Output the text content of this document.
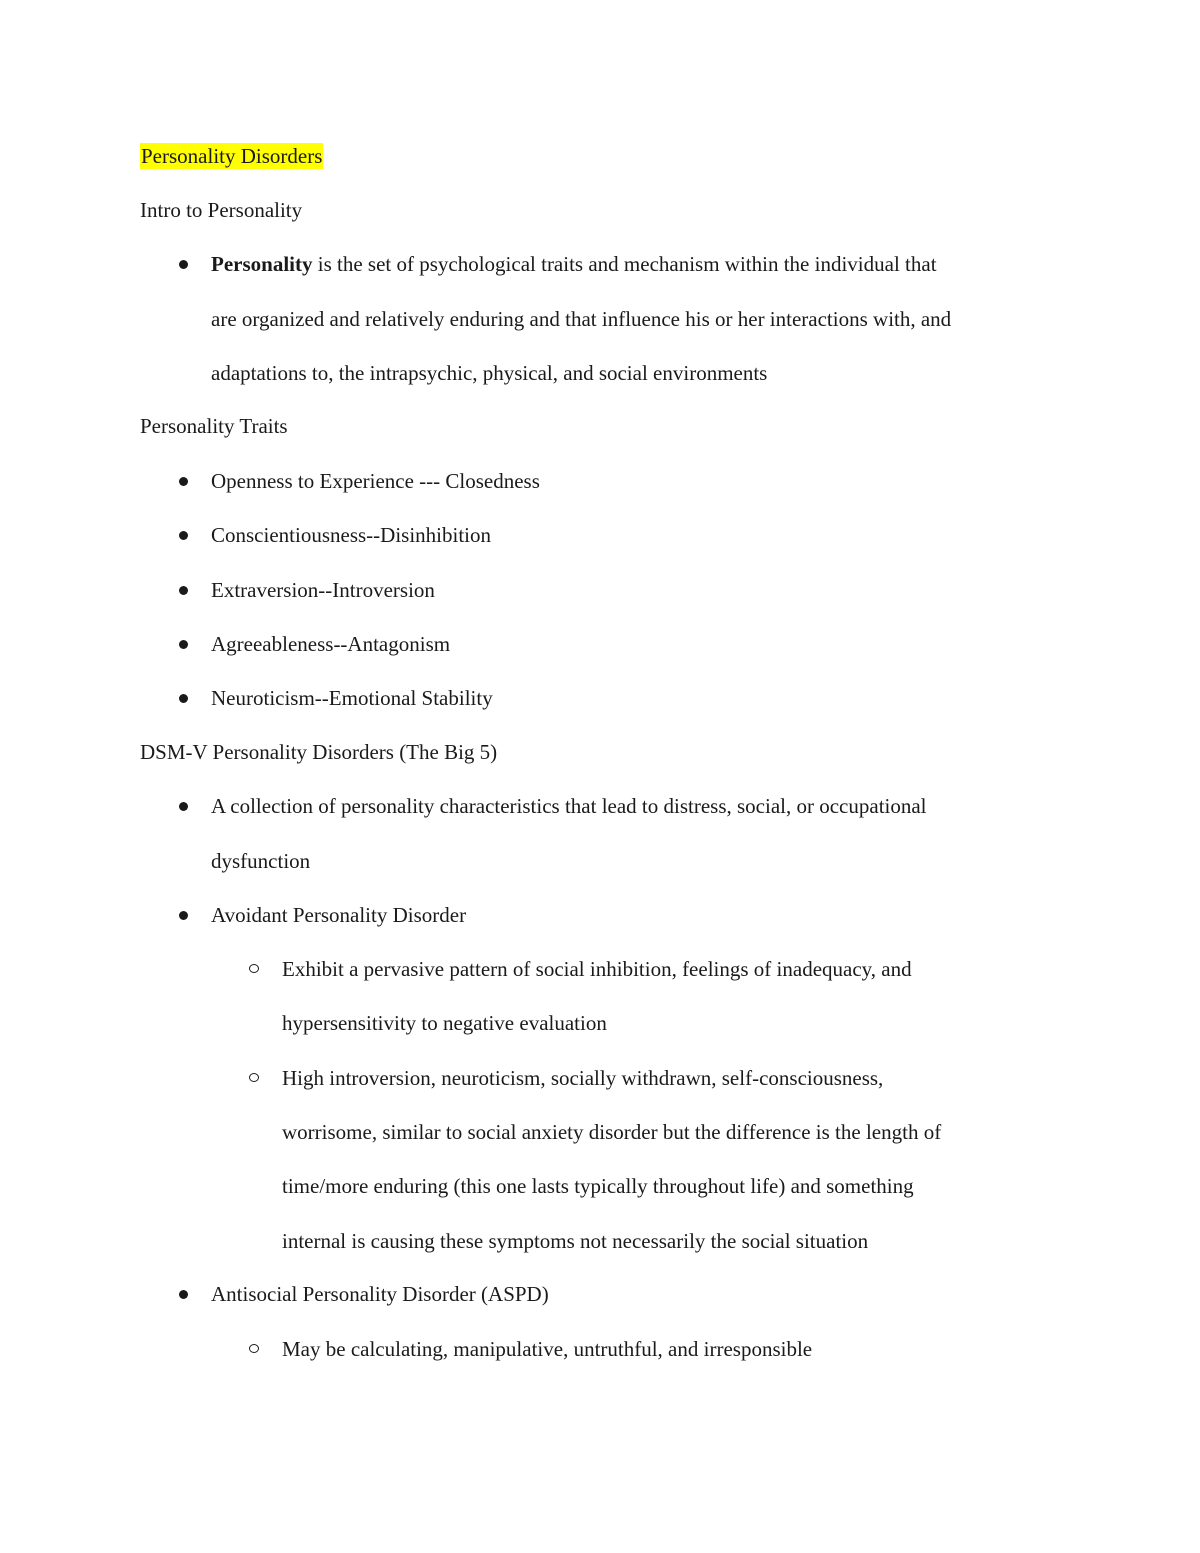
Personality Disorders
Intro to Personality
Personality is the set of psychological traits and mechanism within the individual that
are organized and relatively enduring and that influence his or her interactions with, and
adaptations to, the intrapsychic, physical, and social environments
Personality Traits
Openness to Experience --- Closedness
Conscientiousness--Disinhibition
Extraversion--Introversion
Agreeableness--Antagonism
Neuroticism--Emotional Stability
DSM-V Personality Disorders (The Big 5)
A collection of personality characteristics that lead to distress, social, or occupational
dysfunction
Avoidant Personality Disorder
Exhibit a pervasive pattern of social inhibition, feelings of inadequacy, and
hypersensitivity to negative evaluation
High introversion, neuroticism, socially withdrawn, self-consciousness,
worrisome, similar to social anxiety disorder but the difference is the length of
time/more enduring (this one lasts typically throughout life) and something
internal is causing these symptoms not necessarily the social situation
Antisocial Personality Disorder (ASPD)
May be calculating, manipulative, untruthful, and irresponsible
